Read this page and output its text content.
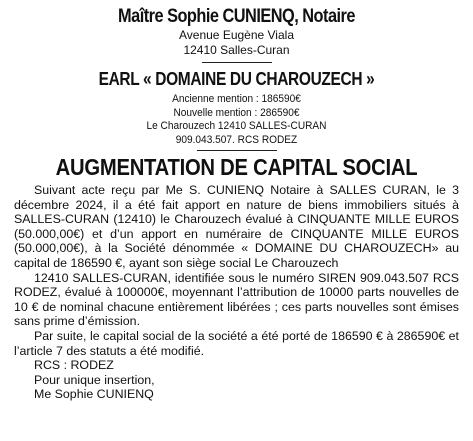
Maître Sophie CUNIENQ, Notaire
Avenue Eugène Viala
12410 Salles-Curan
EARL « DOMAINE DU CHAROUZECH »
Ancienne mention : 186590€
Nouvelle mention : 286590€
Le Charouzech 12410 SALLES-CURAN
909.043.507. RCS RODEZ
AUGMENTATION DE CAPITAL SOCIAL

Suivant acte reçu par Me S. CUNIENQ Notaire à SALLES CURAN, le 3 décembre 2024, il a été fait apport en nature de biens immobiliers situés à SALLES-CURAN (12410) le Charouzech évalué à CINQUANTE MILLE EUROS (50.000,00€) et d’un apport en numéraire de CINQUANTE MILLE EUROS (50.000,00€), à la Société dénommée « DOMAINE DU CHAROUZECH» au capital de 186590 €, ayant son siège social Le Charouzech

12410 SALLES-CURAN, identifiée sous le numéro SIREN 909.043.507 RCS RODEZ, évalué à 100000€, moyennant l’attribution de 10000 parts nouvelles de 10 € de nominal chacune entièrement libérées ; ces parts nouvelles sont émises sans prime d’émission.

Par suite, le capital social de la société a été porté de 186590 € à 286590€ et l’article 7 des statuts a été modifié.

RCS : RODEZ
Pour unique insertion,
Me Sophie CUNIENQ
